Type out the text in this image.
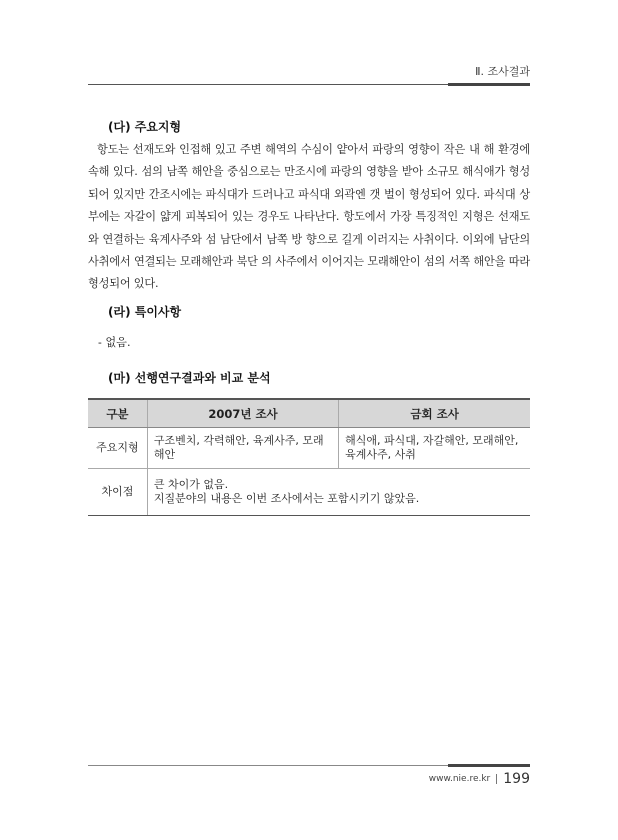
Ⅱ. 조사결과
(다) 주요지형
항도는 선재도와 인접해 있고 주변 해역의 수심이 얕아서 파랑의 영향이 작은 내 해 환경에 속해 있다. 섬의 남쪽 해안을 중심으로는 만조시에 파랑의 영향을 받아 소규모 해식애가 형성되어 있지만 간조시에는 파식대가 드러나고 파식대 외곽엔 갯 벌이 형성되어 있다. 파식대 상부에는 자갈이 얇게 피복되어 있는 경우도 나타난다. 항도에서 가장 특징적인 지형은 선재도와 연결하는 육계사주와 섬 남단에서 남쪽 방 향으로 길게 이러지는 사취이다. 이외에 남단의 사취에서 연결되는 모래해안과 북단 의 사주에서 이어지는 모래해안이 섬의 서쪽 해안을 따라 형성되어 있다.
(라) 특이사항
- 없음.
(마) 선행연구결과와 비교 분석
구분	2007년 조사	금회 조사
주요지형	구조벤치, 각력해안, 육계사주, 모래해안	해식애, 파식대, 자갈해안, 모래해안, 육계사주, 사취
차이점	큰 차이가 없음.
지질분야의 내용은 이번 조사에서는 포함시키기 않았음.	
www.nie.re.kr 199
